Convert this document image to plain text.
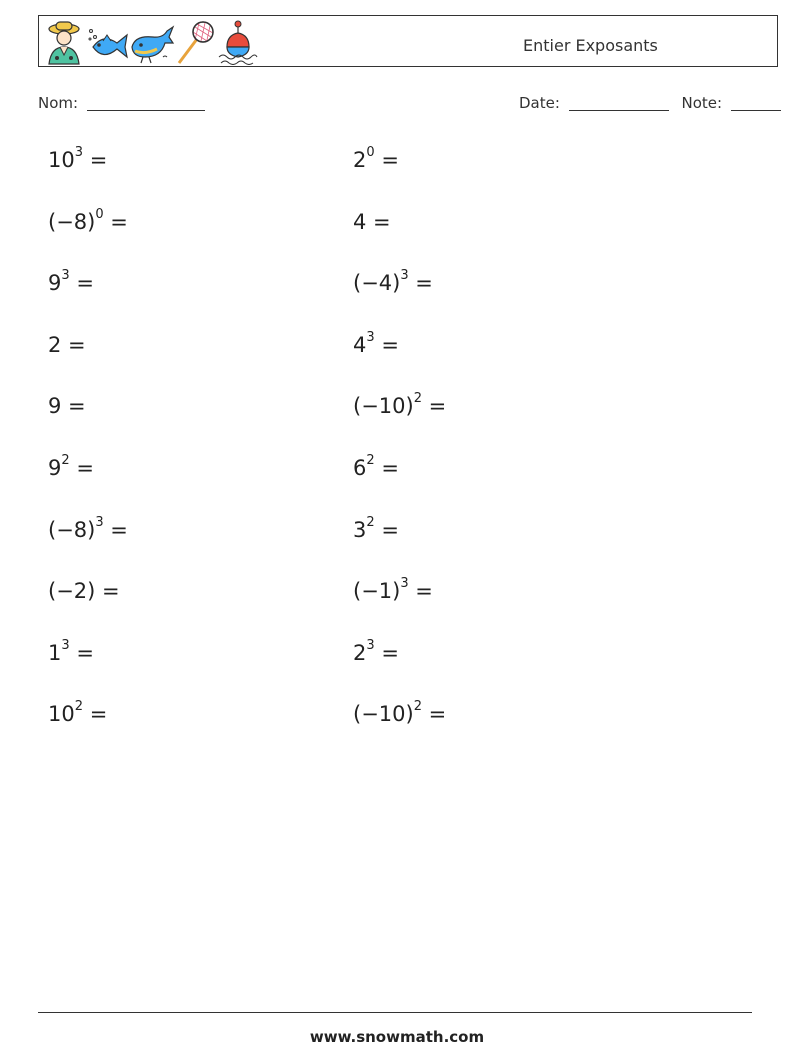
Entier Exposants
Nom:	Date:	Note:
$10^3$ =
$(-8)^0$ =
$9^3$ =
2 =
9 =
$9^2$ =
$(-8)^3$ =
(−2) =
$1^3$ =
$10^2$ =
$2^0$ =
4 =
$(-4)^3$ =
$4^3$ =
$(-10)^2$ =
$6^2$ =
$3^2$ =
$(-1)^3$ =
$2^3$ =
$(-10)^2$ =
www.snowmath.com
